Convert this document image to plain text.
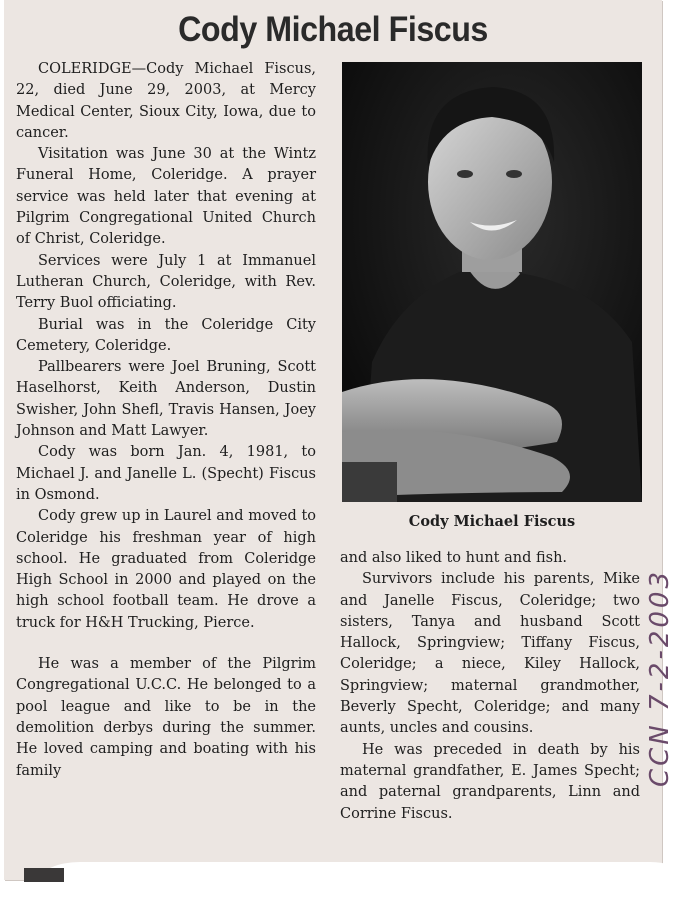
Cody Michael Fiscus

COLERIDGE—Cody Michael Fiscus, 22, died June 29, 2003, at Mercy Medical Center, Sioux City, Iowa, due to cancer.

Visitation was June 30 at the Wintz Funeral Home, Coleridge. A prayer service was held later that evening at Pilgrim Congregational United Church of Christ, Coleridge.

Services were July 1 at Immanuel Lutheran Church, Coleridge, with Rev. Terry Buol officiating.

Burial was in the Coleridge City Cemetery, Coleridge.

Pallbearers were Joel Bruning, Scott Haselhorst, Keith Anderson, Dustin Swisher, John Shefl, Travis Hansen, Joey Johnson and Matt Lawyer.

Cody was born Jan. 4, 1981, to Michael J. and Janelle L. (Specht) Fiscus in Osmond.

Cody grew up in Laurel and moved to Coleridge his freshman year of high school. He graduated from Coleridge High School in 2000 and played on the high school football team. He drove a truck for H&H Trucking, Pierce.

He was a member of the Pilgrim Congregational U.C.C. He belonged to a pool league and like to be in the demolition derbys during the summer. He loved camping and boating with his family

Cody Michael Fiscus

and also liked to hunt and fish.

Survivors include his parents, Mike and Janelle Fiscus, Coleridge; two sisters, Tanya and husband Scott Hallock, Springview; Tiffany Fiscus, Coleridge; a niece, Kiley Hallock, Springview; maternal grandmother, Beverly Specht, Coleridge; and many aunts, uncles and cousins.

He was preceded in death by his maternal grandfather, E. James Specht; and paternal grandparents, Linn and Corrine Fiscus.

CCN 7-2-2003
